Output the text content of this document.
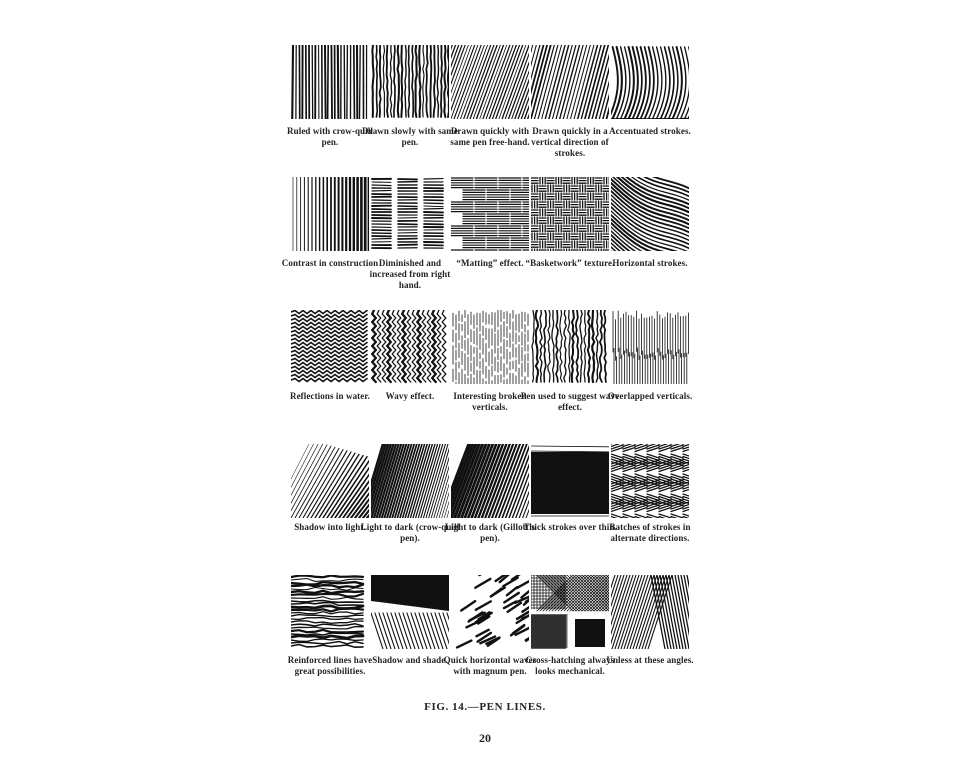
Ruled with crow-quill pen.
Drawn slowly with same pen.
Drawn quickly with same pen free-hand.
Drawn quickly in a vertical direction of strokes.
Accentuated strokes.
Contrast in construction Diminished and increased from right hand.
“Matting” effect. “Basketwork” texture.
Horizontal strokes.
Reflections in water.	Wavy effect.	Interesting broken verticals.
Pen used to suggest wave effect.
Overlapped verticals.
Shadow into light.
Light to dark (crow-quill pen).
Light to dark (Gillott's pen).
Thick strokes over thin.
Batches of strokes in alternate directions.
Reinforced lines have great possibilities.
Shadow and shade.
Quick horizontal waves with magnum pen.
Cross-hatching always looks mechanical.
Unless at these angles.
FIG. 14.—PEN LINES.
20
